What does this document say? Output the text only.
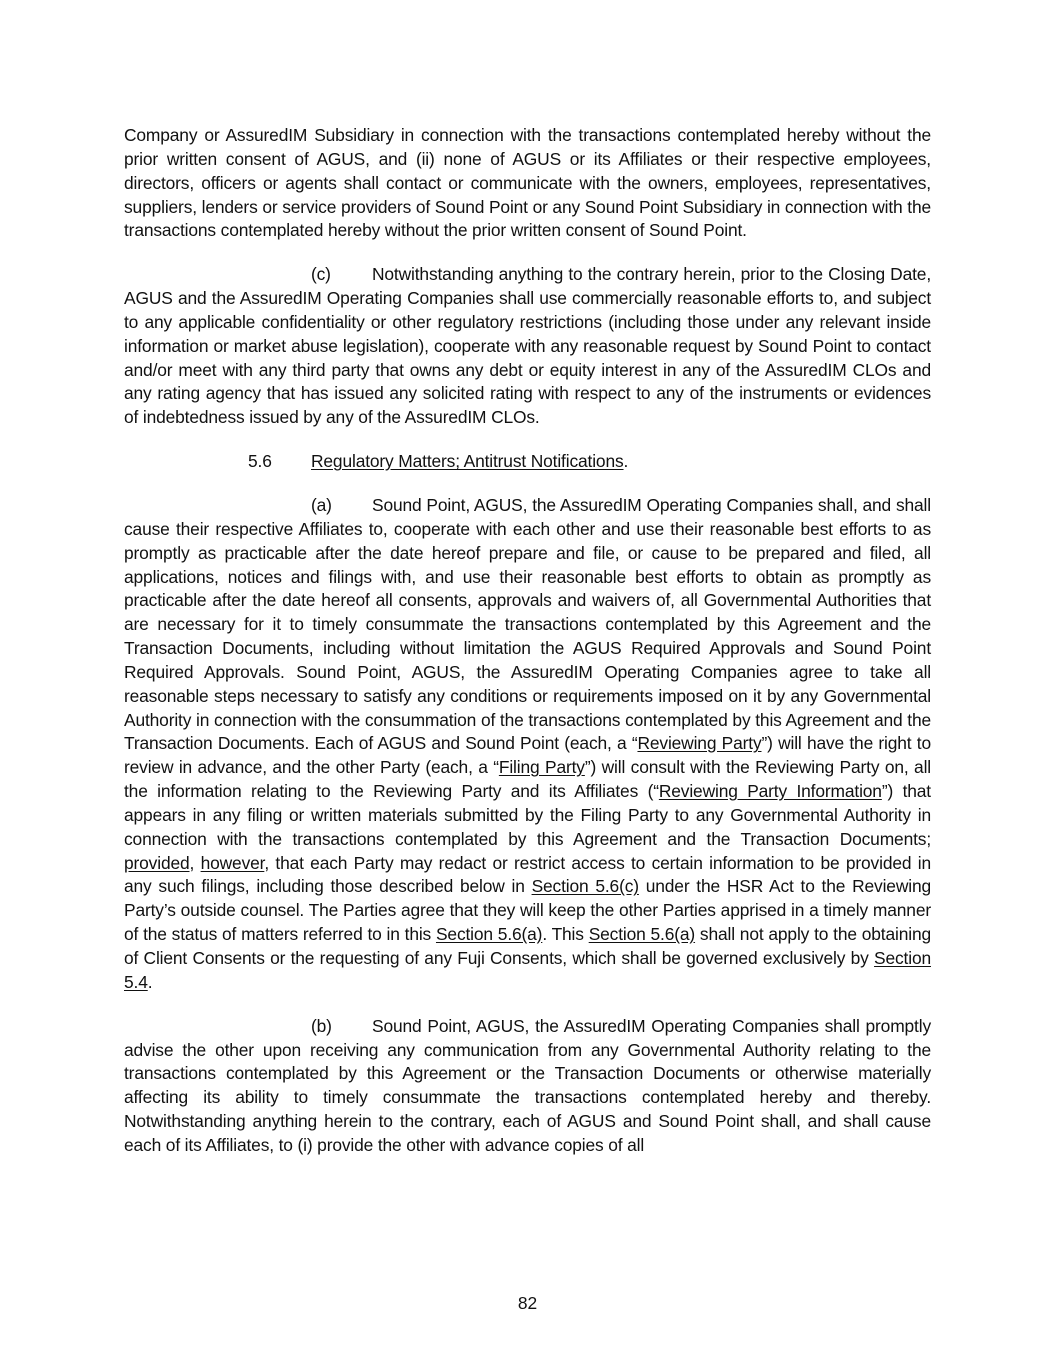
Company or AssuredIM Subsidiary in connection with the transactions contemplated hereby without the prior written consent of AGUS, and (ii) none of AGUS or its Affiliates or their respective employees, directors, officers or agents shall contact or communicate with the owners, employees, representatives, suppliers, lenders or service providers of Sound Point or any Sound Point Subsidiary in connection with the transactions contemplated hereby without the prior written consent of Sound Point.

(c) Notwithstanding anything to the contrary herein, prior to the Closing Date, AGUS and the AssuredIM Operating Companies shall use commercially reasonable efforts to, and subject to any applicable confidentiality or other regulatory restrictions (including those under any relevant inside information or market abuse legislation), cooperate with any reasonable request by Sound Point to contact and/or meet with any third party that owns any debt or equity interest in any of the AssuredIM CLOs and any rating agency that has issued any solicited rating with respect to any of the instruments or evidences of indebtedness issued by any of the AssuredIM CLOs.

5.6 Regulatory Matters; Antitrust Notifications.

(a) Sound Point, AGUS, the AssuredIM Operating Companies shall, and shall cause their respective Affiliates to, cooperate with each other and use their reasonable best efforts to as promptly as practicable after the date hereof prepare and file, or cause to be prepared and filed, all applications, notices and filings with, and use their reasonable best efforts to obtain as promptly as practicable after the date hereof all consents, approvals and waivers of, all Governmental Authorities that are necessary for it to timely consummate the transactions contemplated by this Agreement and the Transaction Documents, including without limitation the AGUS Required Approvals and Sound Point Required Approvals. Sound Point, AGUS, the AssuredIM Operating Companies agree to take all reasonable steps necessary to satisfy any conditions or requirements imposed on it by any Governmental Authority in connection with the consummation of the transactions contemplated by this Agreement and the Transaction Documents. Each of AGUS and Sound Point (each, a “Reviewing Party”) will have the right to review in advance, and the other Party (each, a “Filing Party”) will consult with the Reviewing Party on, all the information relating to the Reviewing Party and its Affiliates (“Reviewing Party Information”) that appears in any filing or written materials submitted by the Filing Party to any Governmental Authority in connection with the transactions contemplated by this Agreement and the Transaction Documents; provided, however, that each Party may redact or restrict access to certain information to be provided in any such filings, including those described below in Section 5.6(c) under the HSR Act to the Reviewing Party’s outside counsel. The Parties agree that they will keep the other Parties apprised in a timely manner of the status of matters referred to in this Section 5.6(a). This Section 5.6(a) shall not apply to the obtaining of Client Consents or the requesting of any Fuji Consents, which shall be governed exclusively by Section 5.4.

(b) Sound Point, AGUS, the AssuredIM Operating Companies shall promptly advise the other upon receiving any communication from any Governmental Authority relating to the transactions contemplated by this Agreement or the Transaction Documents or otherwise materially affecting its ability to timely consummate the transactions contemplated hereby and thereby. Notwithstanding anything herein to the contrary, each of AGUS and Sound Point shall, and shall cause each of its Affiliates, to (i) provide the other with advance copies of all

82
